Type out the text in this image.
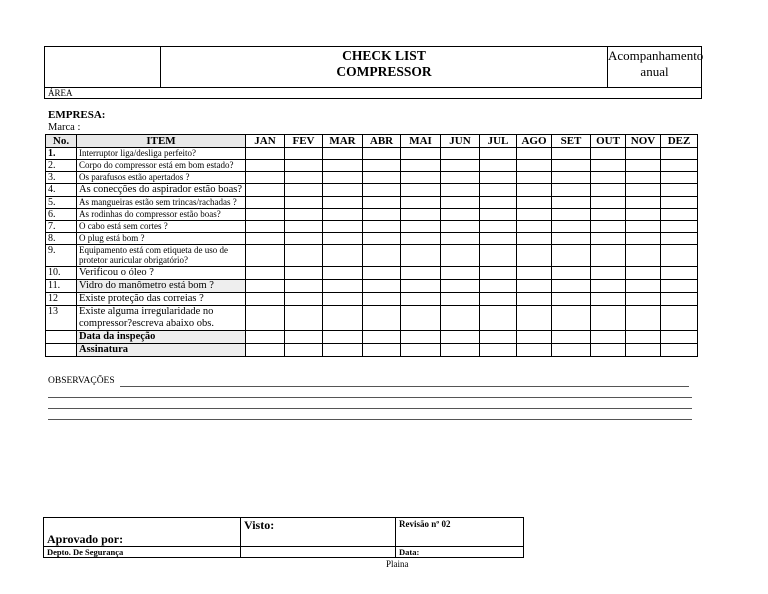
CHECK LIST
COMPRESSOR
Acompanhamento
anual
ÁREA
EMPRESA:
Marca :
No.	ITEM	JAN	FEV	MAR	ABR	MAI	JUN	JUL	AGO	SET	OUT	NOV	DEZ
1.	Interruptor liga/desliga perfeito?												
2.	Corpo do compressor está em bom estado?												
3.	Os parafusos estão apertados ?												
4.	As conecções do aspirador estão boas?												
5.	As mangueiras estão sem trincas/rachadas ?												
6.	As rodinhas do compressor estão boas?												
7.	O cabo está sem cortes ?												
8.	O plug está bom ?												
9.	Equipamento está com etiqueta de uso de protetor auricular obrigatório?												
10.	Verificou o óleo ?												
11.	Vidro do manômetro está bom ?												
12	Existe proteção das correias ?												
13	Existe alguma irregularidade no compressor?escreva abaixo obs.												
	Data da inspeção												
	Assinatura												
OBSERVAÇÕES
Aprovado por:	Visto:	Revisão nº 02
Depto. De Segurança		Data:
Plaina
